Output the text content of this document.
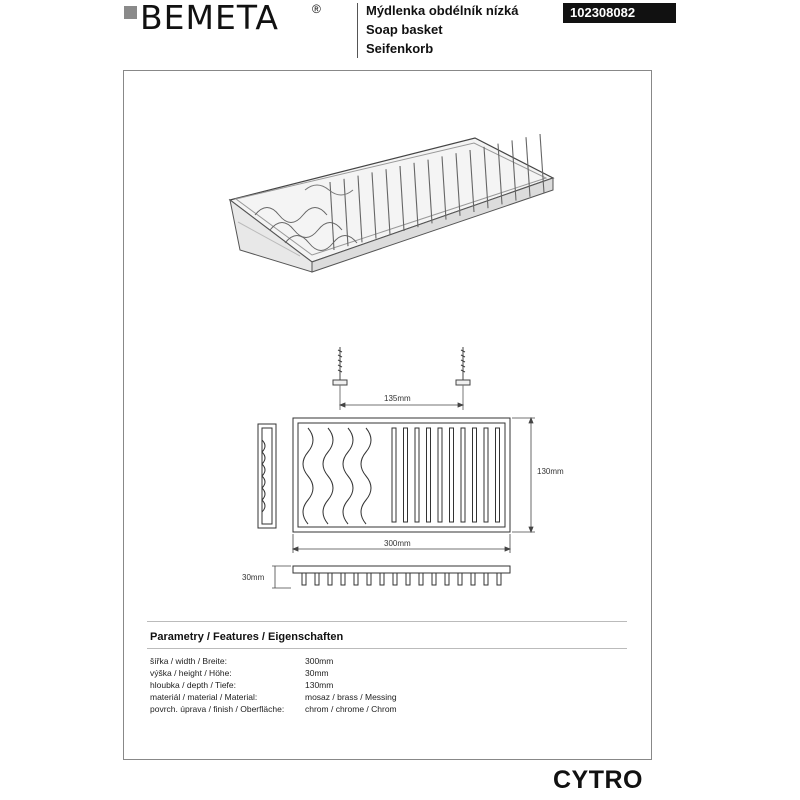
BEMETA	®	Mýdlenka obdélník nízká
Soap basket
Seifenkorb
102308082
135mm
130mm
300mm
30mm
Parametry / Features / Eigenschaften
šířka / width / Breite:	300mm
výška / height / Höhe:	30mm
hloubka / depth / Tiefe:	130mm
materiál / material / Material:	mosaz / brass / Messing
povrch. úprava / finish / Oberfläche: chrom / chrome / Chrom
CYTRO
